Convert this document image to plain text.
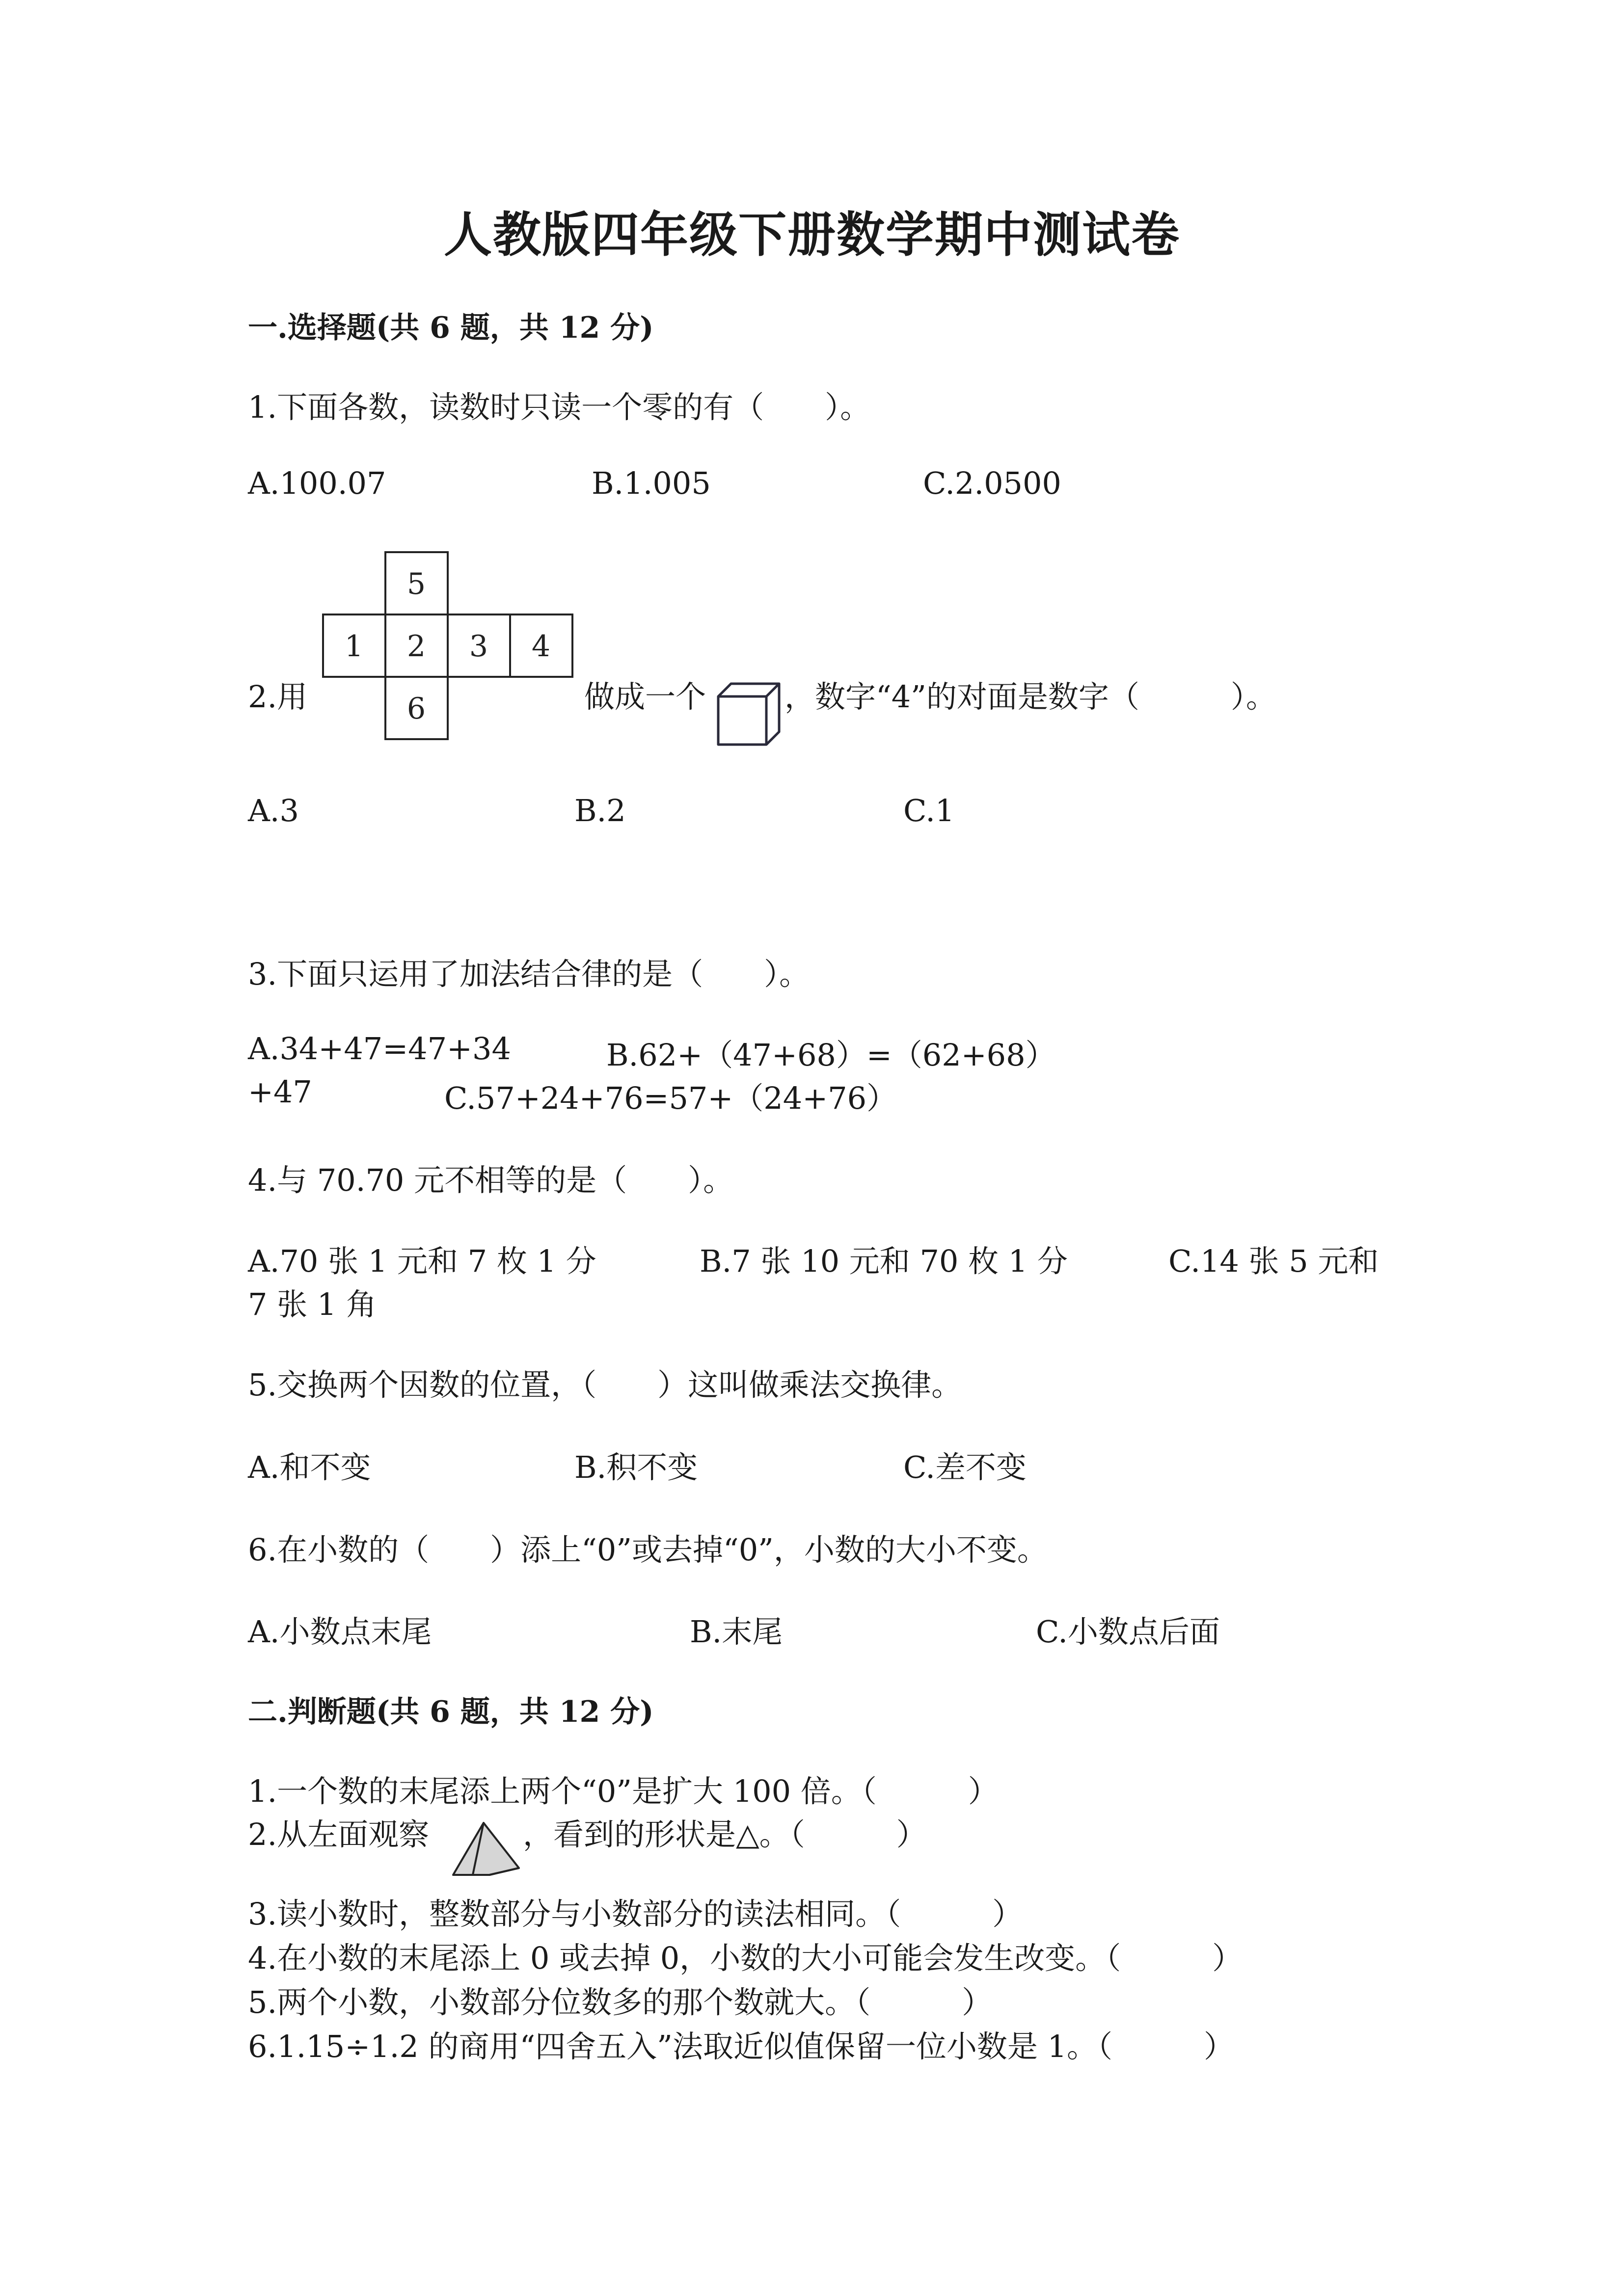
人教版四年级下册数学期中测试卷
一.选择题(共 6 题，共 12 分)
1.下面各数，读数时只读一个零的有（　　）。
A.100.07	B.1.005	C.2.0500
2.用
5
1 2 3 4
6	做成一个	，数字“4”的对面是数字（　　　）。
A.3	B.2	C.1
3.下面只运用了加法结合律的是（　　）。
A.34+47=47+34	B.62+（47+68）=（62+68）
+47	C.57+24+76=57+（24+76）
4.与 70.70 元不相等的是（　　）。
A.70 张 1 元和 7 枚 1 分	B.7 张 10 元和 70 枚 1 分	C.14 张 5 元和
7 张 1 角
5.交换两个因数的位置，（　　）这叫做乘法交换律。
A.和不变	B.积不变	C.差不变
6.在小数的（　　）添上“0”或去掉“0”，小数的大小不变。
A.小数点末尾	B.末尾	C.小数点后面
二.判断题(共 6 题，共 12 分)
1.一个数的末尾添上两个“0”是扩大 100 倍。（　　　）
2.从左面观察	，看到的形状是△。（　　　）
3.读小数时，整数部分与小数部分的读法相同。（　　　）
4.在小数的末尾添上 0 或去掉 0，小数的大小可能会发生改变。（　　　）
5.两个小数，小数部分位数多的那个数就大。（　　　）
6.1.15÷1.2 的商用“四舍五入”法取近似值保留一位小数是 1。（　　　）
